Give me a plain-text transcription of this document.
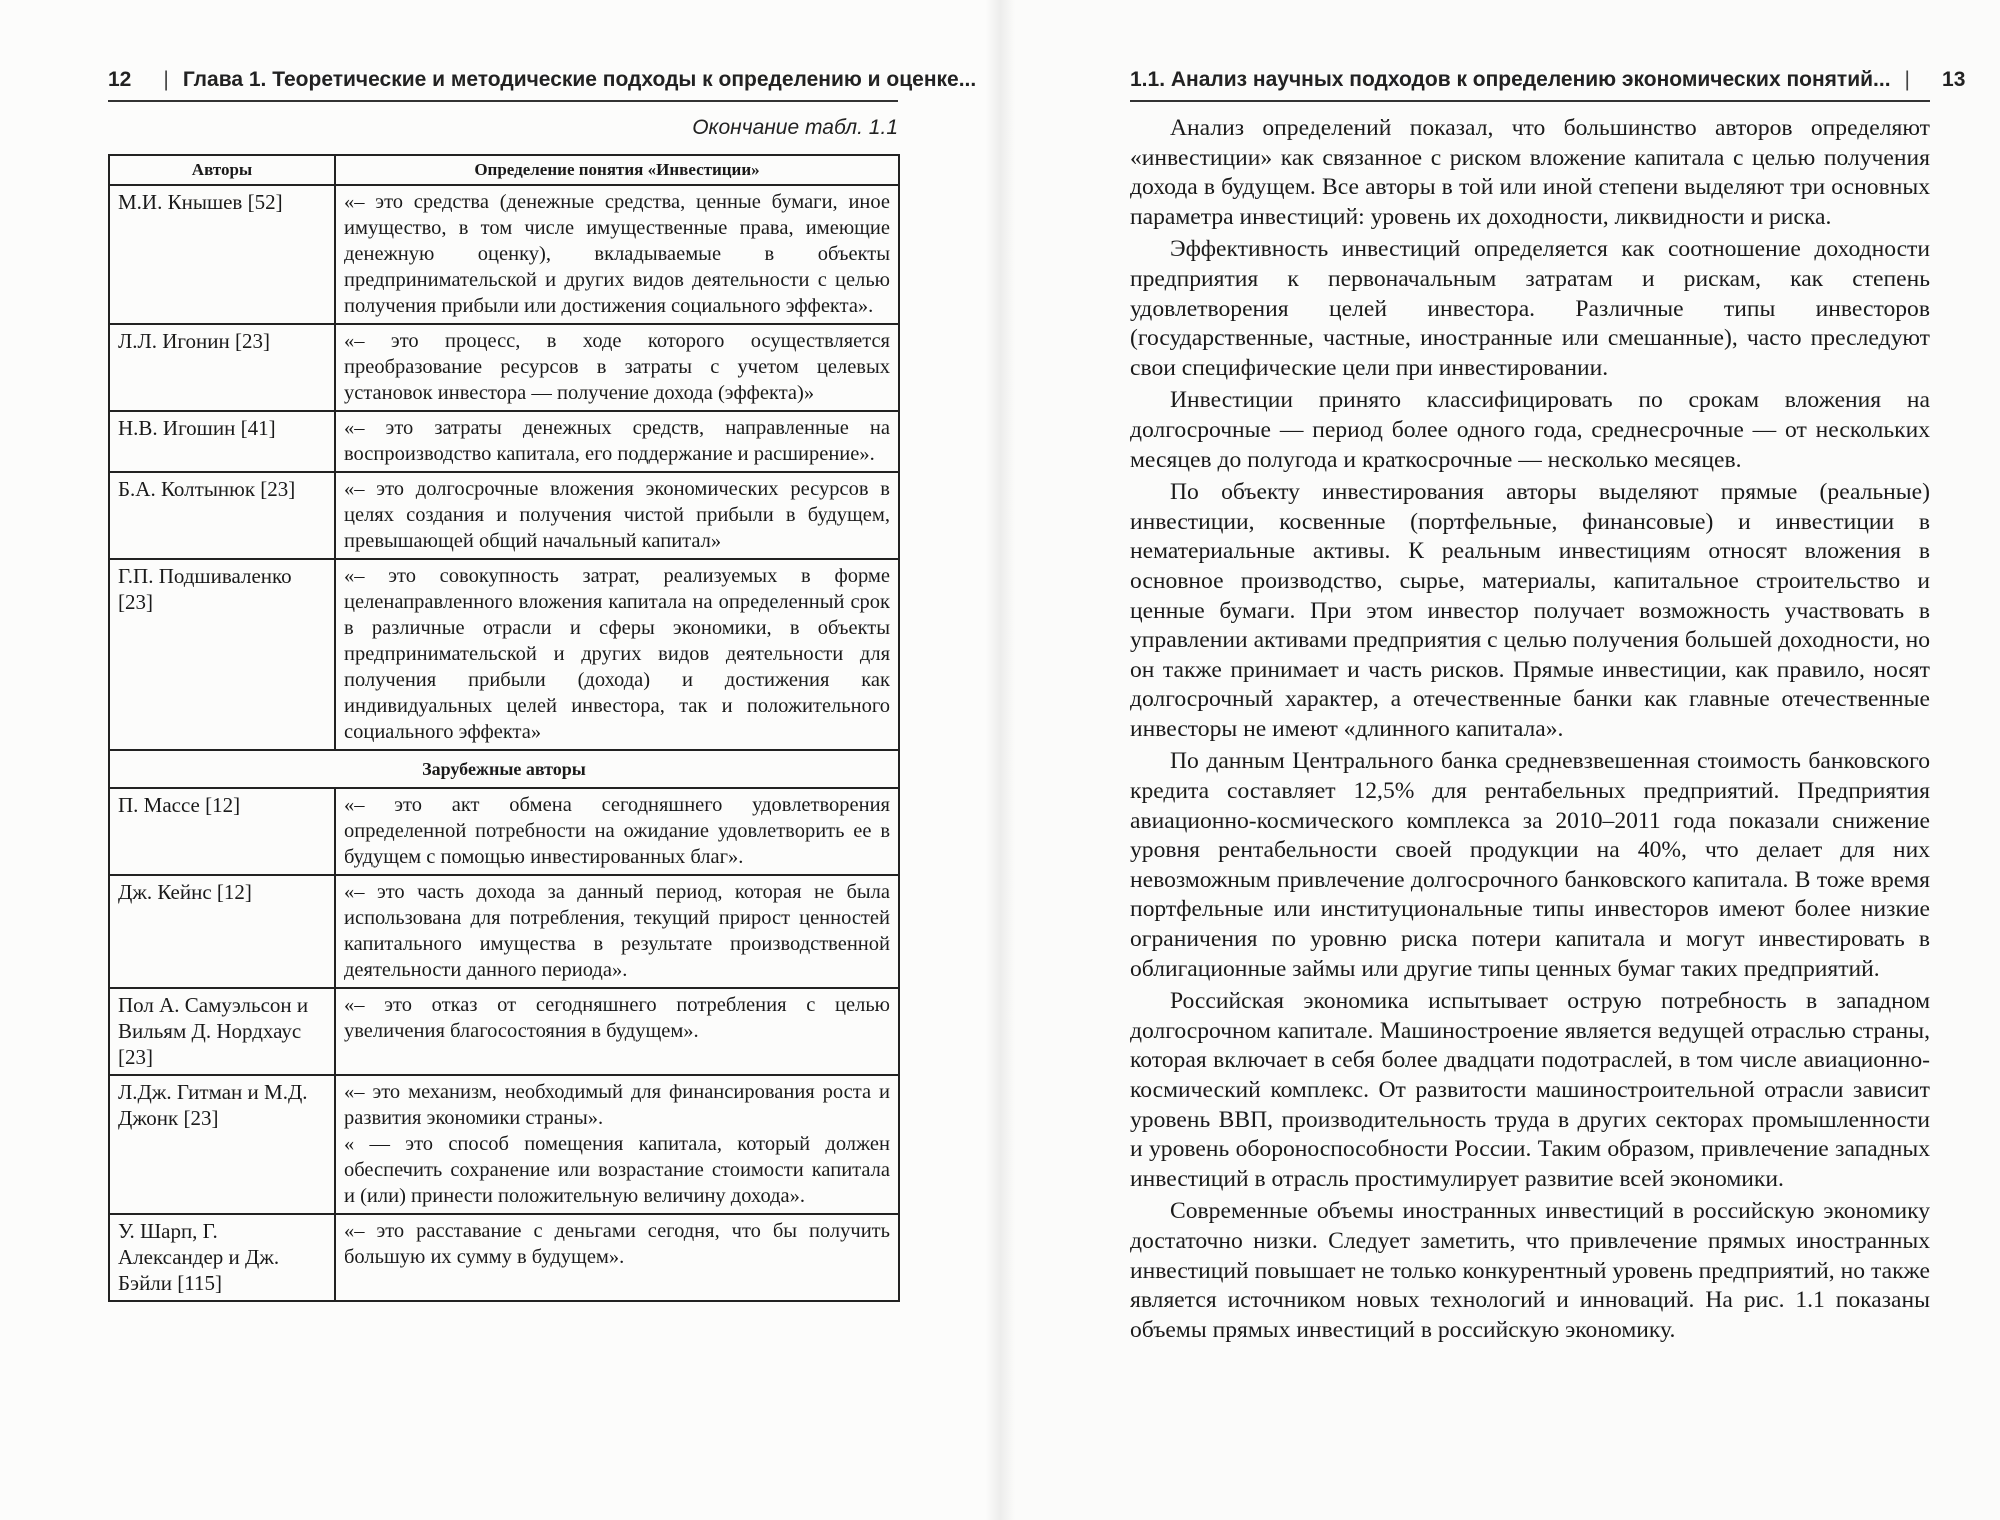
12 | Глава 1. Теоретические и методические подходы к определению и оценке...
Окончание табл. 1.1
Авторы	Определение понятия «Инвестиции»
М.И. Кнышев [52]	«– это средства (денежные средства, ценные бумаги, иное имущество, в том числе имущественные права, имеющие денежную оценку), вкладываемые в объекты предпринимательской и других видов деятельности с целью получения прибыли или достижения социального эффекта».
Л.Л. Игонин [23]	«– это процесс, в ходе которого осуществляется преобразование ресурсов в затраты с учетом целевых установок инвестора — получение дохода (эффекта)»
Н.В. Игошин [41]	«– это затраты денежных средств, направленные на воспроизводство капитала, его поддержание и расширение».
Б.А. Колтынюк [23]	«– это долгосрочные вложения экономических ресурсов в целях создания и получения чистой прибыли в будущем, превышающей общий начальный капитал»
Г.П. Подшиваленко [23]	«– это совокупность затрат, реализуемых в форме целенаправленного вложения капитала на определенный срок в различные отрасли и сферы экономики, в объекты предпринимательской и других видов деятельности для получения прибыли (дохода) и достижения как индивидуальных целей инвестора, так и положительного социального эффекта»
Зарубежные авторы	
П. Массе [12]	«– это акт обмена сегодняшнего удовлетворения определенной потребности на ожидание удовлетворить ее в будущем с помощью инвестированных благ».
Дж. Кейнс [12]	«– это часть дохода за данный период, которая не была использована для потребления, текущий прирост ценностей капитального имущества в результате производственной деятельности данного периода».
Пол А. Самуэльсон и Вильям Д. Нордхаус [23]	«– это отказ от сегодняшнего потребления с целью увеличения благосостояния в будущем».
Л.Дж. Гитман и М.Д. Джонк [23]	«– это механизм, необходимый для финансирования роста и развития экономики страны».
« — это способ помещения капитала, который должен обеспечить сохранение или возрастание стоимости капитала и (или) принести положительную величину дохода».

У. Шарп, Г. Александер и Дж. Бэйли [115]	«– это расставание с деньгами сегодня, что бы получить большую их сумму в будущем».
1.1. Анализ научных подходов к определению экономических понятий... | 13

Анализ определений показал, что большинство авторов определяют «инвестиции» как связанное с риском вложение капитала с целью получения дохода в будущем. Все авторы в той или иной степени выделяют три основных параметра инвестиций: уровень их доходности, ликвидности и риска.

Эффективность инвестиций определяется как соотношение доходности предприятия к первоначальным затратам и рискам, как степень удовлетворения целей инвестора. Различные типы инвесторов (государственные, частные, иностранные или смешанные), часто преследуют свои специфические цели при инвестировании.

Инвестиции принято классифицировать по срокам вложения на долгосрочные — период более одного года, среднесрочные — от нескольких месяцев до полугода и краткосрочные — несколько месяцев.

По объекту инвестирования авторы выделяют прямые (реальные) инвестиции, косвенные (портфельные, финансовые) и инвестиции в нематериальные активы. К реальным инвестициям относят вложения в основное производство, сырье, материалы, капитальное строительство и ценные бумаги. При этом инвестор получает возможность участвовать в управлении активами предприятия с целью получения большей доходности, но он также принимает и часть рисков. Прямые инвестиции, как правило, носят долгосрочный характер, а отечественные банки как главные отечественные инвесторы не имеют «длинного капитала».

По данным Центрального банка средневзвешенная стоимость банковского кредита составляет 12,5% для рентабельных предприятий. Предприятия авиационно-космического комплекса за 2010–2011 года показали снижение уровня рентабельности своей продукции на 40%, что делает для них невозможным привлечение долгосрочного банковского капитала. В тоже время портфельные или институциональные типы инвесторов имеют более низкие ограничения по уровню риска потери капитала и могут инвестировать в облигационные займы или другие типы ценных бумаг таких предприятий.

Российская экономика испытывает острую потребность в западном долгосрочном капитале. Машиностроение является ведущей отраслью страны, которая включает в себя более двадцати подотраслей, в том числе авиационно-космический комплекс. От развитости машиностроительной отрасли зависит уровень ВВП, производительность труда в других секторах промышленности и уровень обороноспособности России. Таким образом, привлечение западных инвестиций в отрасль простимулирует развитие всей экономики.

Современные объемы иностранных инвестиций в российскую экономику достаточно низки. Следует заметить, что привлечение прямых иностранных инвестиций повышает не только конкурентный уровень предприятий, но также является источником новых технологий и инноваций. На рис. 1.1 показаны объемы прямых инвестиций в российскую экономику.
